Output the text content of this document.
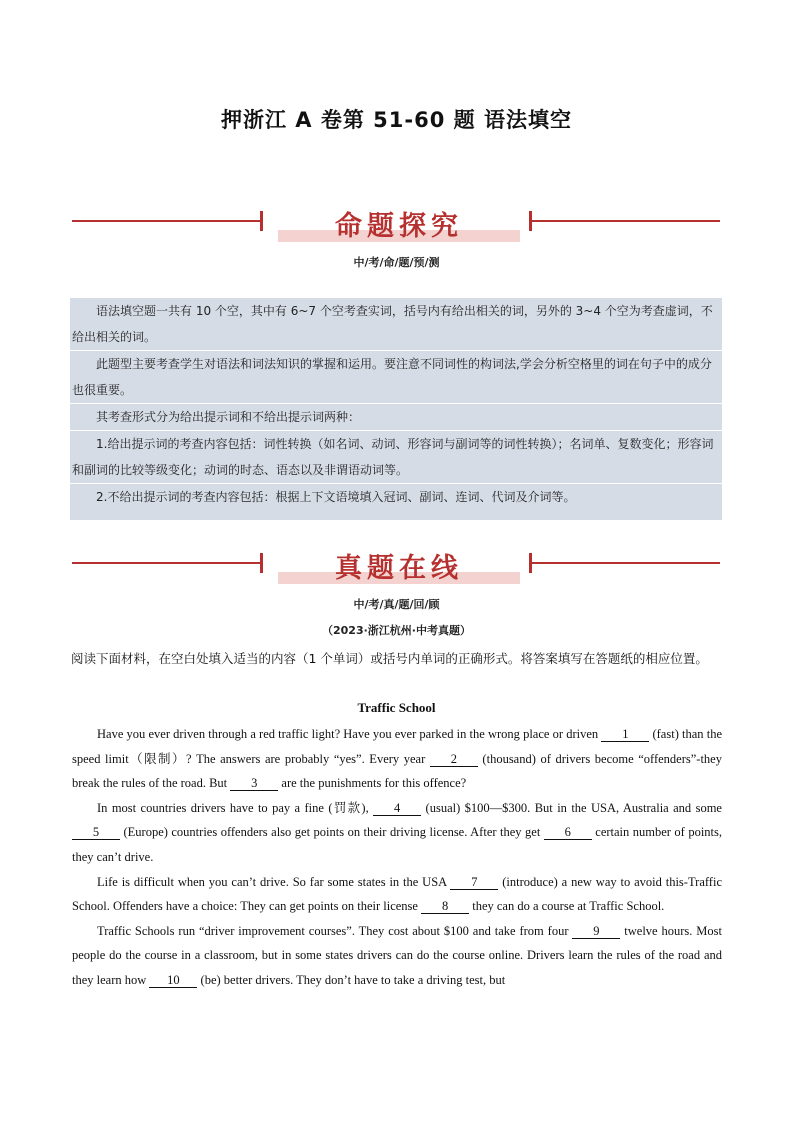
押浙江 A 卷第 51-60 题 语法填空
命题探究
中/考/命/题/预/测

语法填空题一共有 10 个空，其中有 6~7 个空考查实词，括号内有给出相关的词，另外的 3~4 个空为考查虚词，不给出相关的词。

此题型主要考查学生对语法和词法知识的掌握和运用。要注意不同词性的构词法,学会分析空格里的词在句子中的成分也很重要。

其考查形式分为给出提示词和不给出提示词两种：

1.给出提示词的考查内容包括：词性转换（如名词、动词、形容词与副词等的词性转换）；名词单、复数变化；形容词和副词的比较等级变化；动词的时态、语态以及非谓语动词等。

2.不给出提示词的考查内容包括：根据上下文语境填入冠词、副词、连词、代词及介词等。

真题在线
中/考/真/题/回/顾
（2023·浙江杭州·中考真题）
阅读下面材料，在空白处填入适当的内容（1 个单词）或括号内单词的正确形式。将答案填写在答题纸的相应位置。
Traffic School

Have you ever driven through a red traffic light? Have you ever parked in the wrong place or driven 1 (fast) than the speed limit（限制）? The answers are probably “yes”. Every year 2 (thousand) of drivers become “offenders”-they break the rules of the road. But 3 are the punishments for this offence?

In most countries drivers have to pay a fine (罚款), 4 (usual) $100—$300. But in the USA, Australia and some 5 (Europe) countries offenders also get points on their driving license. After they get 6 certain number of points, they can’t drive.

Life is difficult when you can’t drive. So far some states in the USA 7 (introduce) a new way to avoid this-Traffic School. Offenders have a choice: They can get points on their license 8 they can do a course at Traffic School.

Traffic Schools run “driver improvement courses”. They cost about $100 and take from four 9 twelve hours. Most people do the course in a classroom, but in some states drivers can do the course online. Drivers learn the rules of the road and they learn how 10 (be) better drivers. They don’t have to take a driving test, but
